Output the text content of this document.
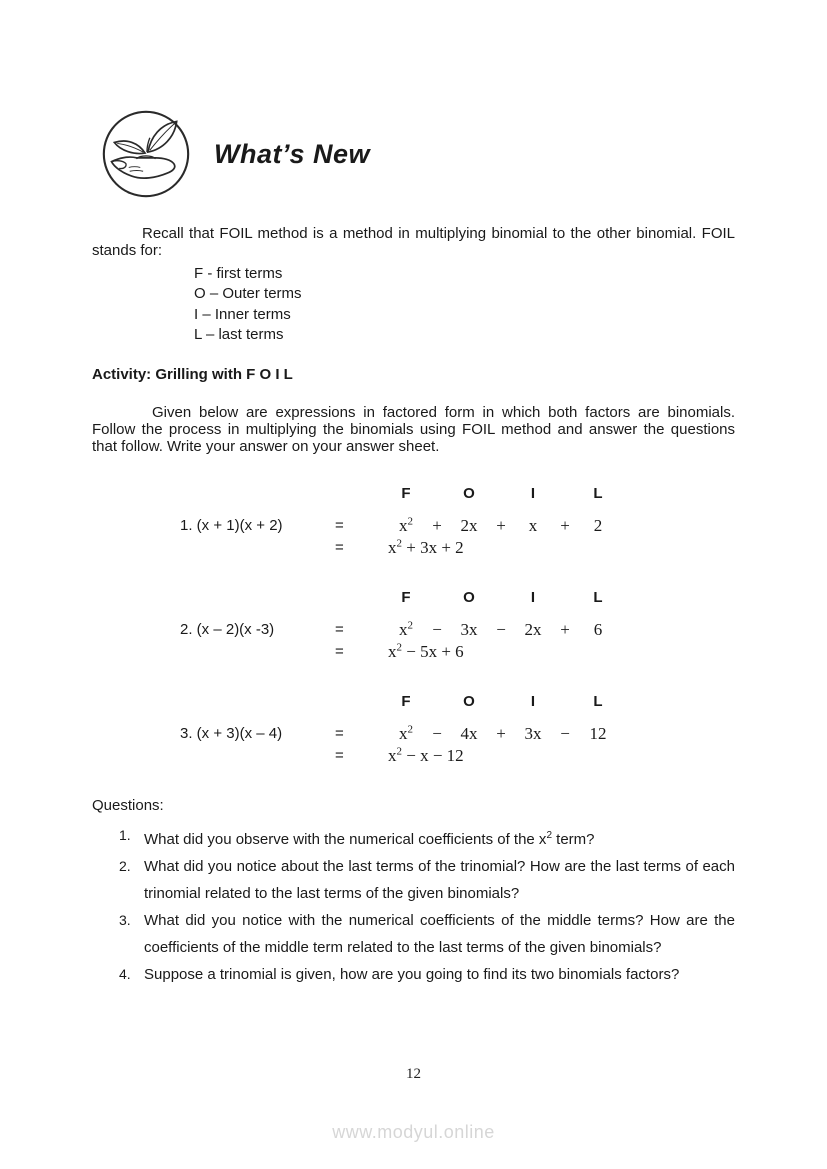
What’s New

Recall that FOIL method is a method in multiplying binomial to the other binomial. FOIL stands for:

F - first terms
O – Outer terms
I – Inner terms
L – last terms
Activity: Grilling with F O I L

Given below are expressions in factored form in which both factors are binomials. Follow the process in multiplying the binomials using FOIL method and answer the questions that follow. Write your answer on your answer sheet.

F	O	I	L
1. (x + 1)(x + 2)	=	$x^2$	+	2x	+	x	+	2
=	$x^2 + 3x + 2$
F	O	I	L
2. (x – 2)(x -3)	=	$x^2$	−	3x	−	2x	+	6
=	$x^2 - 5x + 6$
F	O	I	L
3. (x + 3)(x – 4)	=	$x^2$	−	4x	+	3x	−	12
=	$x^2 - x - 12$

Questions:

1. What did you observe with the numerical coefficients of the $x^2$ term?
2. What did you notice about the last terms of the trinomial? How are the last terms of each trinomial related to the last terms of the given binomials?
3. What did you notice with the numerical coefficients of the middle terms? How are the coefficients of the middle term related to the last terms of the given binomials?
4. Suppose a trinomial is given, how are you going to find its two binomials factors?
12
www.modyul.online
